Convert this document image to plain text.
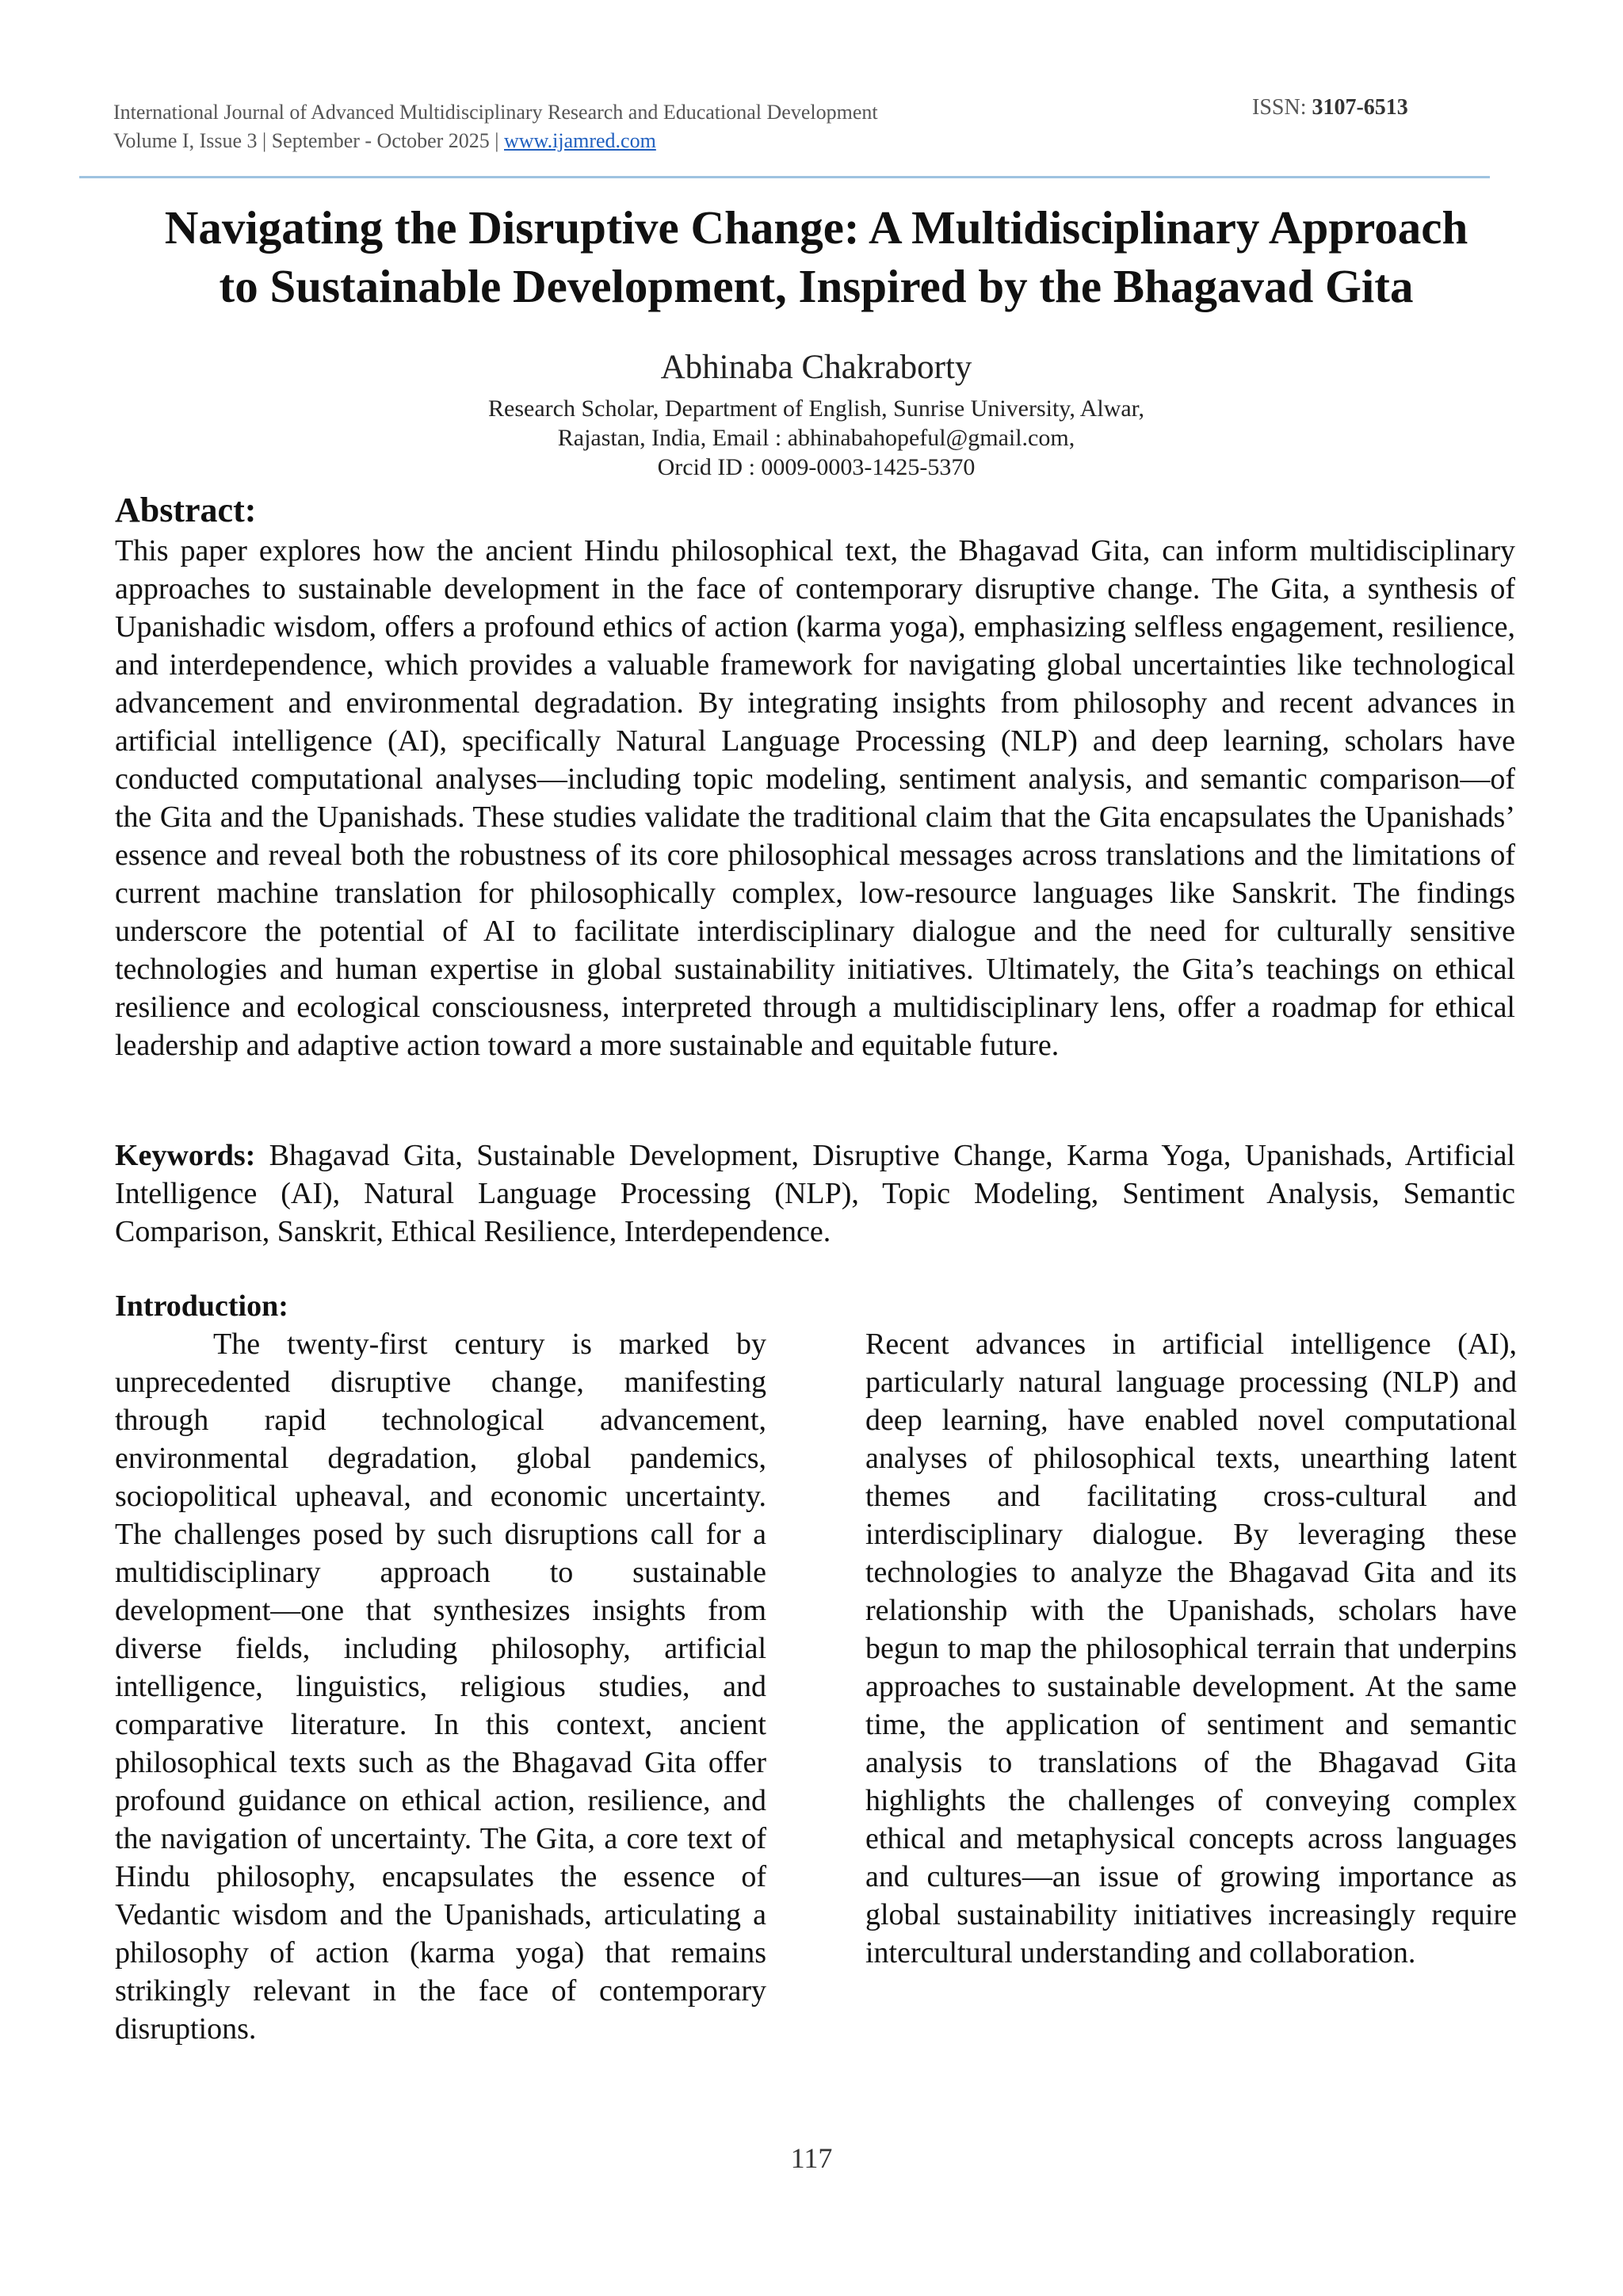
International Journal of Advanced Multidisciplinary Research and Educational Development
Volume I, Issue 3 | September - October 2025 | www.ijamred.com
ISSN: 3107-6513
Navigating the Disruptive Change: A Multidisciplinary Approach
to Sustainable Development, Inspired by the Bhagavad Gita
Abhinaba Chakraborty
Research Scholar, Department of English, Sunrise University, Alwar,
Rajastan, India, Email : abhinabahopeful@gmail.com,
Orcid ID : 0009-0003-1425-5370
Abstract:

This paper explores how the ancient Hindu philosophical text, the Bhagavad Gita, can inform multidisciplinary approaches to sustainable development in the face of contemporary disruptive change. The Gita, a synthesis of Upanishadic wisdom, offers a profound ethics of action (karma yoga), emphasizing selfless engagement, resilience, and interdependence, which provides a valuable framework for navigating global uncertainties like technological advancement and environmental degradation. By integrating insights from philosophy and recent advances in artificial intelligence (AI), specifically Natural Language Processing (NLP) and deep learning, scholars have conducted computational analyses—including topic modeling, sentiment analysis, and semantic comparison—of the Gita and the Upanishads. These studies validate the traditional claim that the Gita encapsulates the Upanishads’ essence and reveal both the robustness of its core philosophical messages across translations and the limitations of current machine translation for philosophically complex, low-resource languages like Sanskrit. The findings underscore the potential of AI to facilitate interdisciplinary dialogue and the need for culturally sensitive technologies and human expertise in global sustainability initiatives. Ultimately, the Gita’s teachings on ethical resilience and ecological consciousness, interpreted through a multidisciplinary lens, offer a roadmap for ethical leadership and adaptive action toward a more sustainable and equitable future.

Keywords: Bhagavad Gita, Sustainable Development, Disruptive Change, Karma Yoga, Upanishads, Artificial Intelligence (AI), Natural Language Processing (NLP), Topic Modeling, Sentiment Analysis, Semantic Comparison, Sanskrit, Ethical Resilience, Interdependence.

Introduction:

The twenty-first century is marked by unprecedented disruptive change, manifesting through rapid technological advancement, environmental degradation, global pandemics, sociopolitical upheaval, and economic uncertainty. The challenges posed by such disruptions call for a multidisciplinary approach to sustainable development—one that synthesizes insights from diverse fields, including philosophy, artificial intelligence, linguistics, religious studies, and comparative literature. In this context, ancient philosophical texts such as the Bhagavad Gita offer profound guidance on ethical action, resilience, and the navigation of uncertainty. The Gita, a core text of Hindu philosophy, encapsulates the essence of Vedantic wisdom and the Upanishads, articulating a philosophy of action (karma yoga) that remains strikingly relevant in the face of contemporary disruptions.

Recent advances in artificial intelligence (AI), particularly natural language processing (NLP) and deep learning, have enabled novel computational analyses of philosophical texts, unearthing latent themes and facilitating cross-cultural and interdisciplinary dialogue. By leveraging these technologies to analyze the Bhagavad Gita and its relationship with the Upanishads, scholars have begun to map the philosophical terrain that underpins approaches to sustainable development. At the same time, the application of sentiment and semantic analysis to translations of the Bhagavad Gita highlights the challenges of conveying complex ethical and metaphysical concepts across languages and cultures—an issue of growing importance as global sustainability initiatives increasingly require intercultural understanding and collaboration.

117
